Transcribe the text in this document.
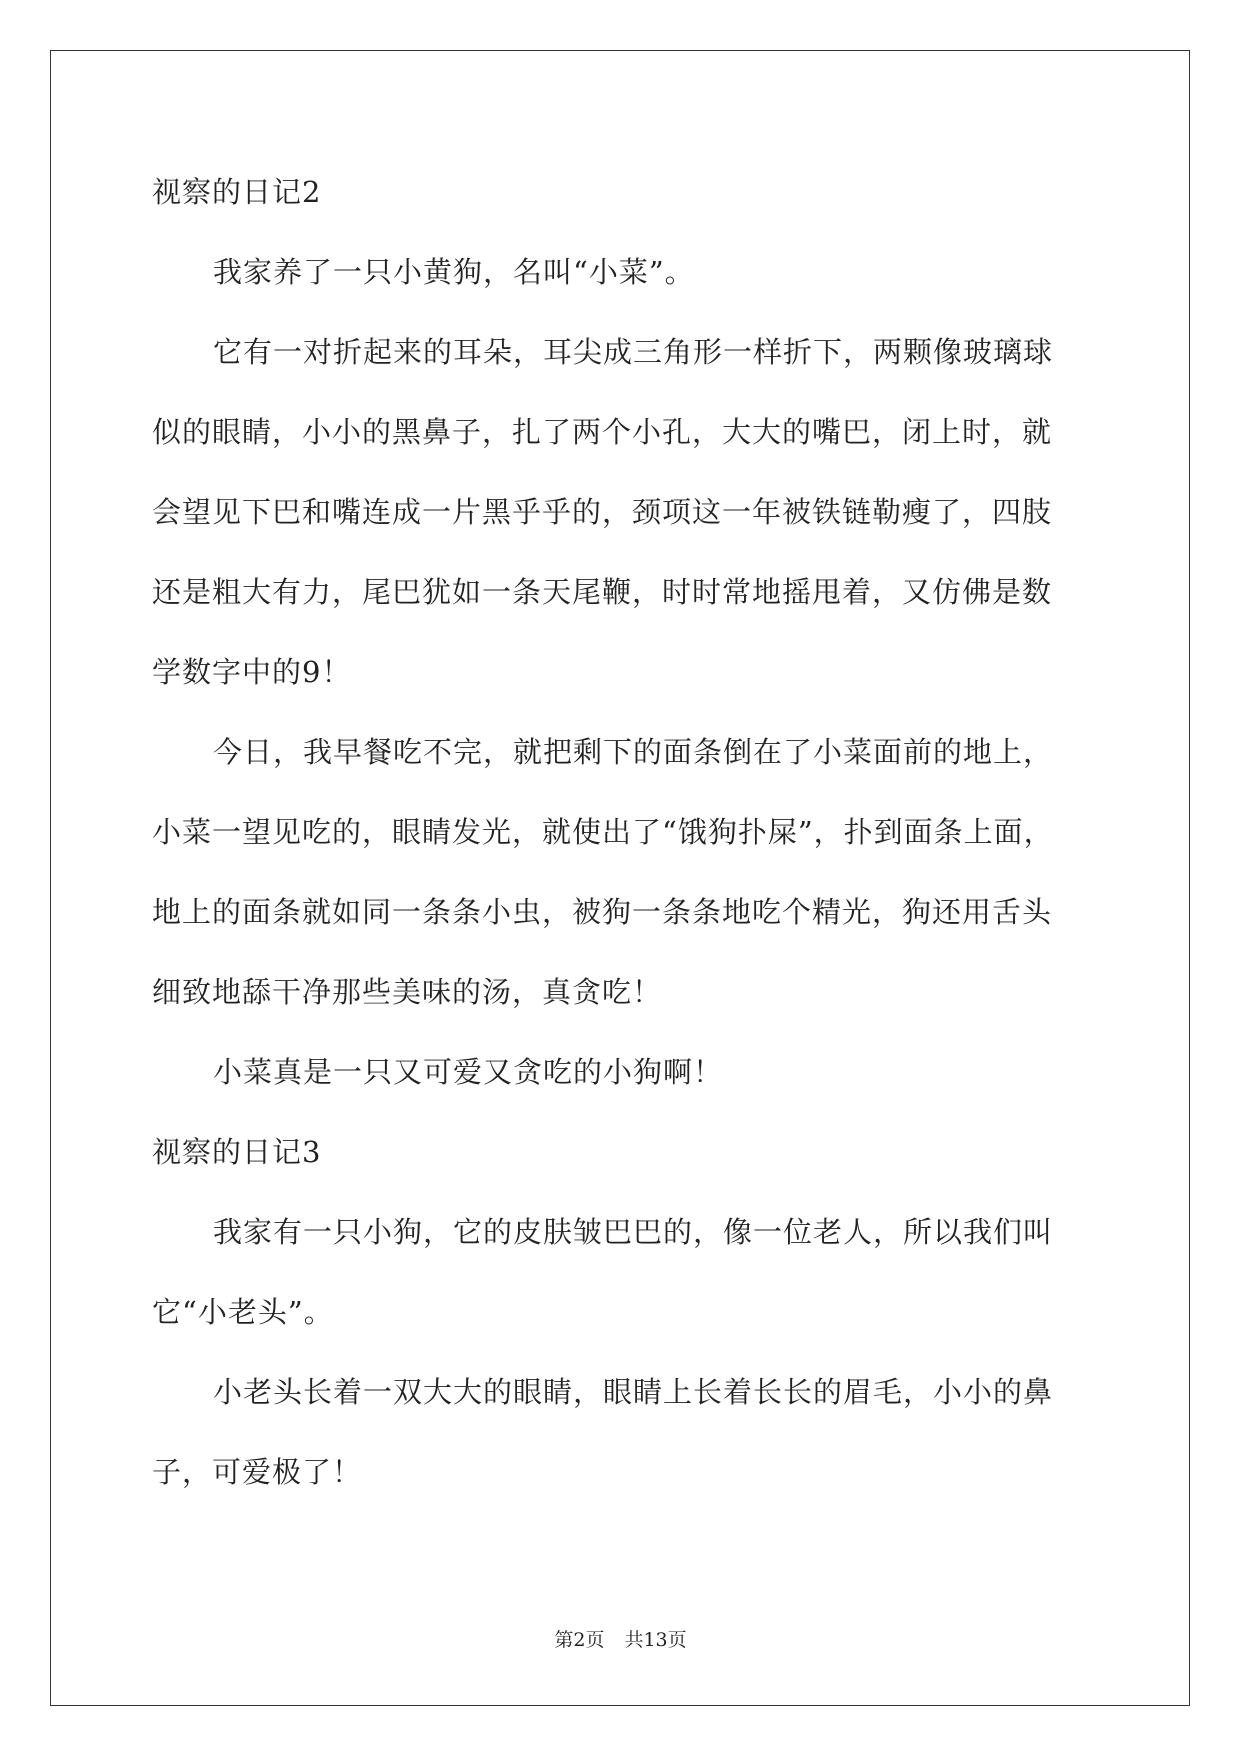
视察的日记2
我家养了一只小黄狗，名叫“小菜”。
它有一对折起来的耳朵，耳尖成三角形一样折下，两颗像玻璃球
似的眼睛，小小的黑鼻子，扎了两个小孔，大大的嘴巴，闭上时，就
会望见下巴和嘴连成一片黑乎乎的，颈项这一年被铁链勒瘦了，四肢
还是粗大有力，尾巴犹如一条天尾鞭，时时常地摇甩着，又仿佛是数
学数字中的9！
今日，我早餐吃不完，就把剩下的面条倒在了小菜面前的地上，
小菜一望见吃的，眼睛发光，就使出了“饿狗扑屎”，扑到面条上面，
地上的面条就如同一条条小虫，被狗一条条地吃个精光，狗还用舌头
细致地舔干净那些美味的汤，真贪吃！
小菜真是一只又可爱又贪吃的小狗啊！
视察的日记3
我家有一只小狗，它的皮肤皱巴巴的，像一位老人，所以我们叫
它“小老头”。
小老头长着一双大大的眼睛，眼睛上长着长长的眉毛，小小的鼻
子，可爱极了！
第2页 共13页
